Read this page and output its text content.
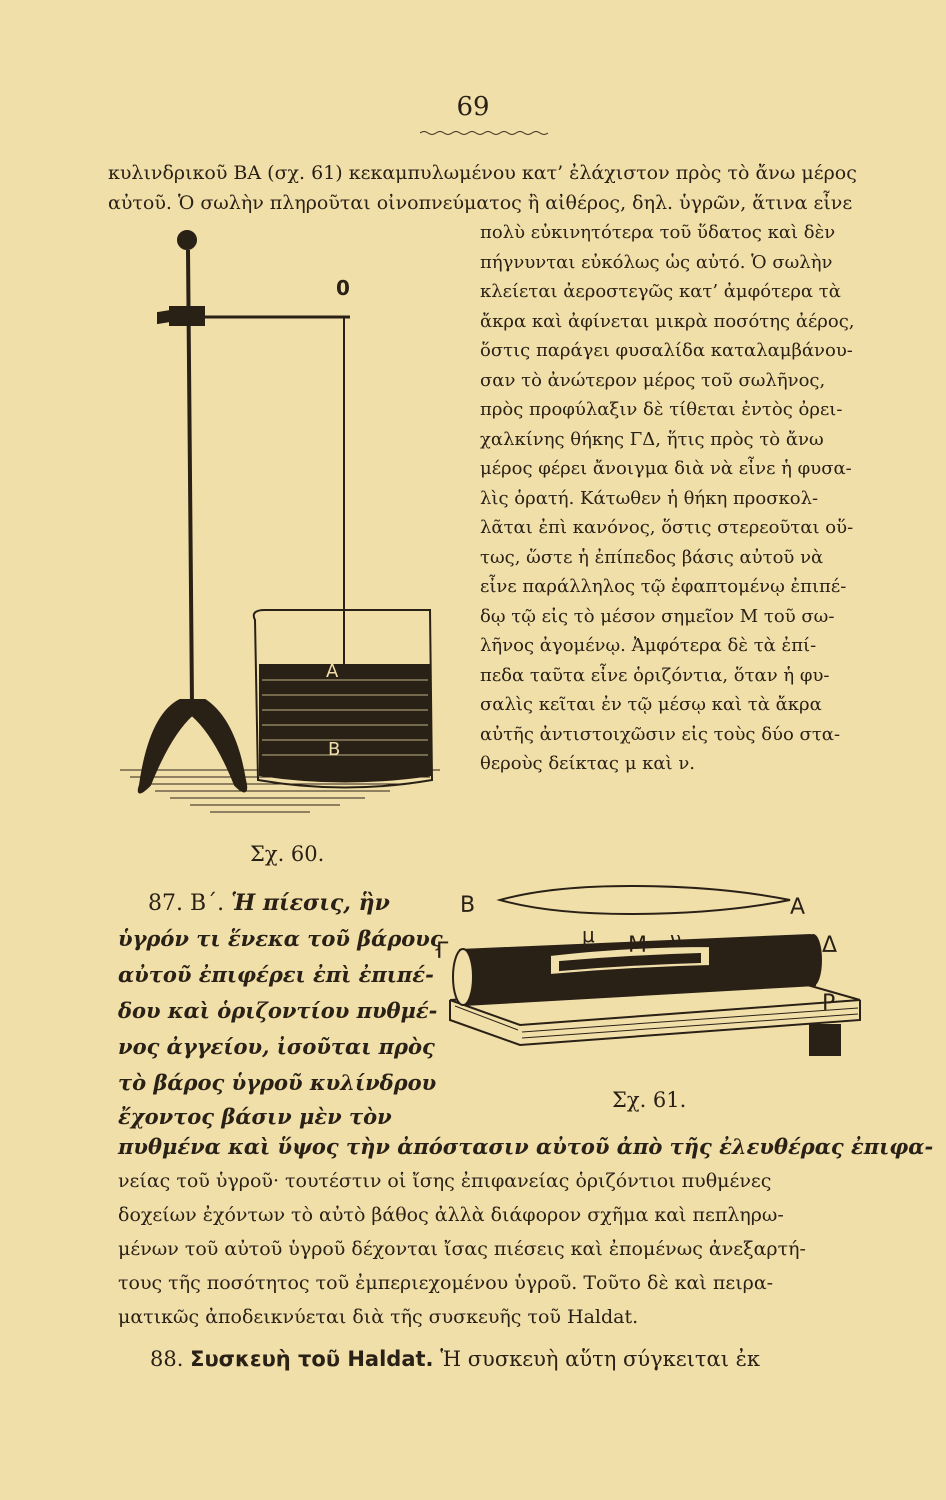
69
κυλινδρικοῦ ΒΑ (σχ. 61) κεκαμπυλωμένου κατ’ ἐλάχιστον πρὸς τὸ ἄνω μέρος
αὐτοῦ. Ὁ σωλὴν πληροῦται οἰνοπνεύματος ἢ αἰθέρος, δηλ. ὑγρῶν, ἅτινα εἶνε
πολὺ εὐκινητότερα τοῦ ὕδατος καὶ δὲν
πήγνυνται εὐκόλως ὡς αὐτό. Ὁ σωλὴν
κλείεται ἀεροστεγῶς κατ’ ἀμφότερα τὰ
ἄκρα καὶ ἀφίνεται μικρὰ ποσότης ἀέρος,
ὅστις παράγει φυσαλίδα καταλαμβάνου-
σαν τὸ ἀνώτερον μέρος τοῦ σωλῆνος,
πρὸς προφύλαξιν δὲ τίθεται ἐντὸς ὀρει-
χαλκίνης θήκης ΓΔ, ἥτις πρὸς τὸ ἄνω
μέρος φέρει ἄνοιγμα διὰ νὰ εἶνε ἡ φυσα-
λὶς ὁρατή. Κάτωθεν ἡ θήκη προσκολ-
λᾶται ἐπὶ κανόνος, ὅστις στερεοῦται οὕ-
τως, ὥστε ἡ ἐπίπεδος βάσις αὐτοῦ νὰ
εἶνε παράλληλος τῷ ἐφαπτομένῳ ἐπιπέ-
δῳ τῷ εἰς τὸ μέσον σημεῖον Μ τοῦ σω-
λῆνος ἀγομένῳ. Ἀμφότερα δὲ τὰ ἐπί-
πεδα ταῦτα εἶνε ὁριζόντια, ὅταν ἡ φυ-
σαλὶς κεῖται ἐν τῷ μέσῳ καὶ τὰ ἄκρα
αὐτῆς ἀντιστοιχῶσιν εἰς τοὺς δύο στα-
θεροὺς δείκτας μ καὶ ν.
0
Α
Β
Σχ. 60.
87. Β΄. Ἡ πίεσις, ἣν
ὑγρόν τι ἕνεκα τοῦ βάρους
αὐτοῦ ἐπιφέρει ἐπὶ ἐπιπέ-
δου καὶ ὁριζοντίου πυθμέ-
νος ἀγγείου, ἰσοῦται πρὸς
τὸ βάρος ὑγροῦ κυλίνδρου
ἔχοντος βάσιν μὲν τὸν
Β	Α
Γ
μ Μ ν	Δ
Ρ
Σχ. 61.
πυθμένα καὶ ὕψος τὴν ἀπόστασιν αὐτοῦ ἀπὸ τῆς ἐλευθέρας ἐπιφα-
νείας τοῦ ὑγροῦ· τουτέστιν οἱ ἴσης ἐπιφανείας ὁριζόντιοι πυθμένες
δοχείων ἐχόντων τὸ αὐτὸ βάθος ἀλλὰ διάφορον σχῆμα καὶ πεπληρω-
μένων τοῦ αὐτοῦ ὑγροῦ δέχονται ἴσας πιέσεις καὶ ἐπομένως ἀνεξαρτή-
τους τῆς ποσότητος τοῦ ἐμπεριεχομένου ὑγροῦ. Τοῦτο δὲ καὶ πειρα-
ματικῶς ἀποδεικνύεται διὰ τῆς συσκευῆς τοῦ Haldat.
88. Συσκευὴ τοῦ Haldat. Ἡ συσκευὴ αὕτη σύγκειται ἐκ
